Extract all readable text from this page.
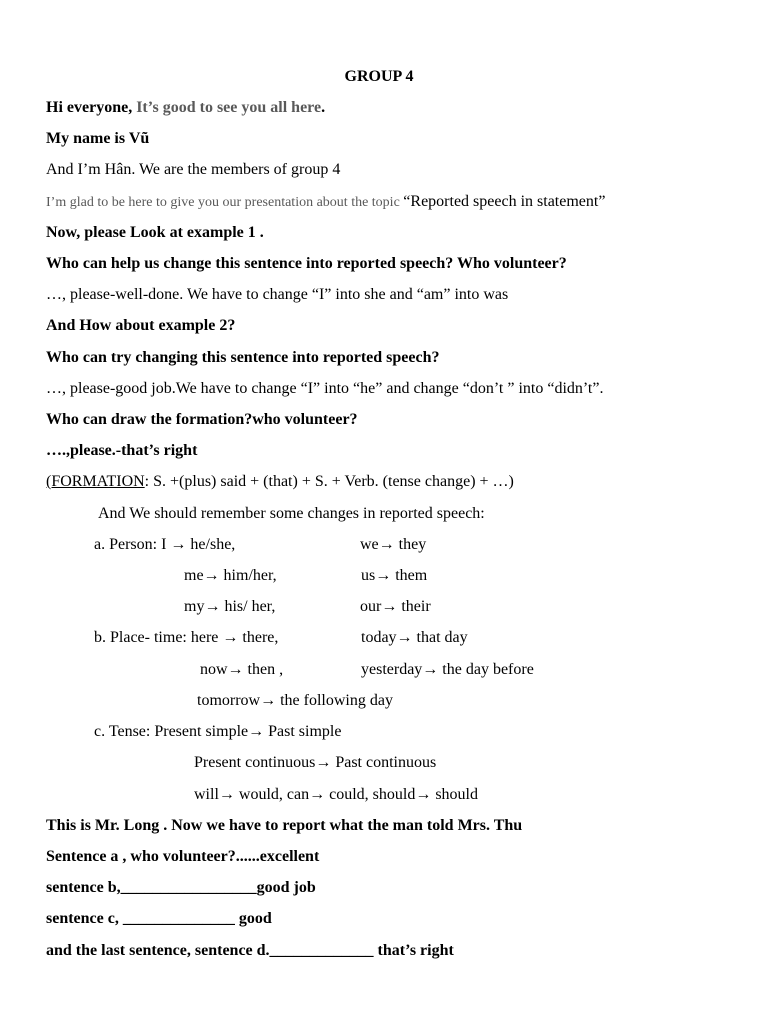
GROUP 4
Hi everyone, It’s good to see you all here.
My name is Vũ
And I’m Hân. We are the members of group 4
I’m glad to be here to give you our presentation about the topic “Reported speech in statement”
Now, please Look at example 1 .
Who can help us change this sentence into reported speech? Who volunteer?
…, please-well-done. We have to change “I” into she and “am” into was
And How about example 2?
Who can try changing this sentence into reported speech?
…, please-good job.We have to change “I” into “he” and change “don’t ” into “didn’t”.
Who can draw the formation?who volunteer?
….,please.-that’s right
(FORMATION: S. +(plus) said + (that) + S. + Verb. (tense change) + …)
And We should remember some changes in reported speech:
a. Person: I → he/she,	we→ they
me→ him/her,	us→ them
my→ his/ her,	our→ their
b. Place- time: here → there,	today→ that day
now→ then ,	yesterday→ the day before
tomorrow→ the following day
c. Tense: Present simple→ Past simple
Present continuous→ Past continuous
will→ would, can→ could, should→ should
This is Mr. Long . Now we have to report what the man told Mrs. Thu
Sentence a , who volunteer?......excellent
sentence b,_________________good job
sentence c, ______________ good
and the last sentence, sentence d._____________ that’s right
